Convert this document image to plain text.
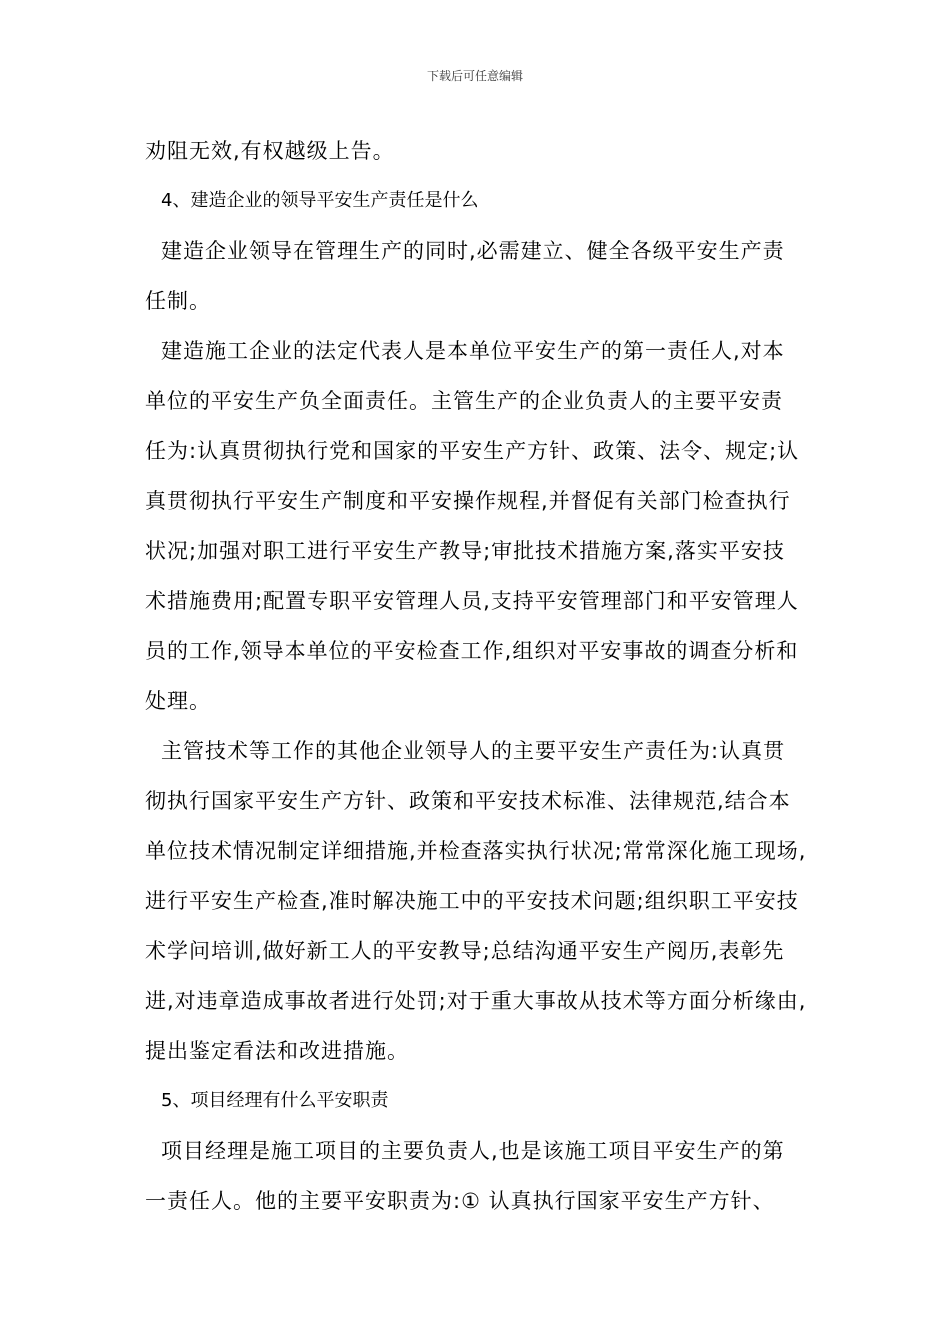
下载后可任意编辑
劝阻无效,有权越级上告。
4、建造企业的领导平安生产责任是什么
建造企业领导在管理生产的同时,必需建立、健全各级平安生产责
任制。
建造施工企业的法定代表人是本单位平安生产的第一责任人,对本
单位的平安生产负全面责任。主管生产的企业负责人的主要平安责
任为:认真贯彻执行党和国家的平安生产方针、政策、法令、规定;认
真贯彻执行平安生产制度和平安操作规程,并督促有关部门检查执行
状况;加强对职工进行平安生产教导;审批技术措施方案,落实平安技
术措施费用;配置专职平安管理人员,支持平安管理部门和平安管理人
员的工作,领导本单位的平安检查工作,组织对平安事故的调查分析和
处理。
主管技术等工作的其他企业领导人的主要平安生产责任为:认真贯
彻执行国家平安生产方针、政策和平安技术标准、法律规范,结合本
单位技术情况制定详细措施,并检查落实执行状况;常常深化施工现场,
进行平安生产检查,准时解决施工中的平安技术问题;组织职工平安技
术学问培训,做好新工人的平安教导;总结沟通平安生产阅历,表彰先
进,对违章造成事故者进行处罚;对于重大事故从技术等方面分析缘由,
提出鉴定看法和改进措施。
5、项目经理有什么平安职责
项目经理是施工项目的主要负责人,也是该施工项目平安生产的第
一责任人。他的主要平安职责为:① 认真执行国家平安生产方针、
